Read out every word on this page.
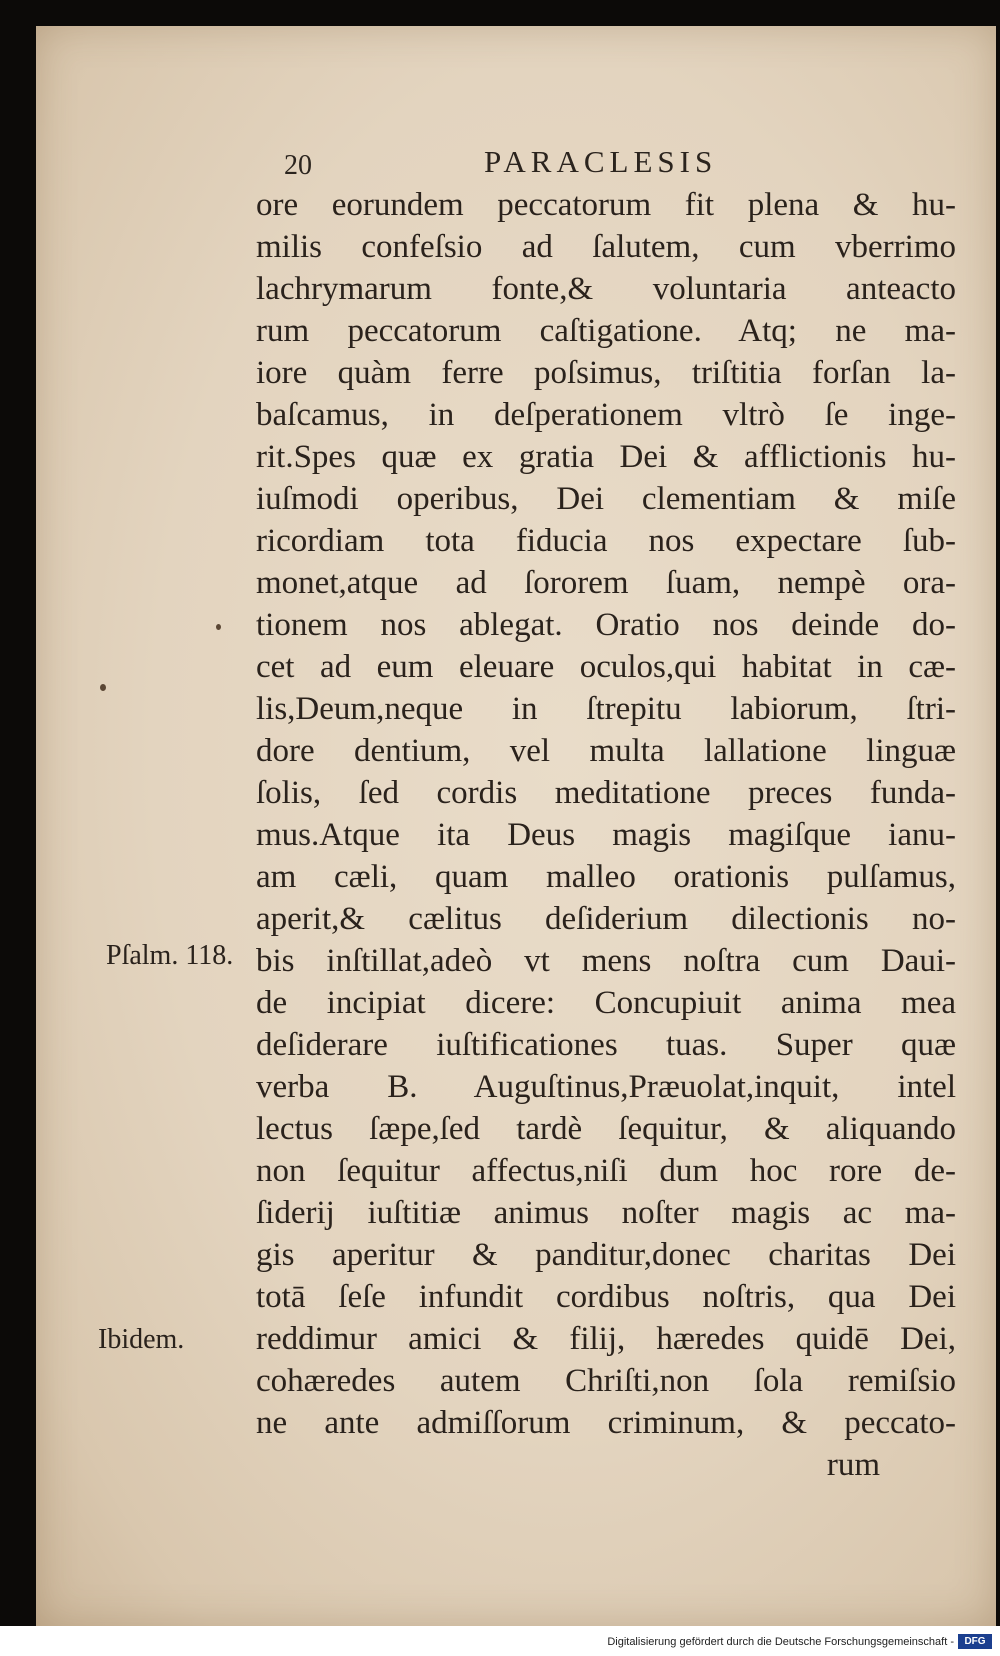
20	PARACLESIS
ore eorundem peccatorum fit plena & hu-
milis confeſsio ad ſalutem, cum vberrimo
lachrymarum fonte,& voluntaria anteacto
rum peccatorum caſtigatione. Atq; ne ma-
iore quàm ferre poſsimus, triſtitia forſan la-
baſcamus, in deſperationem vltrò ſe inge-
rit.Spes quæ ex gratia Dei & afflictionis hu-
iuſmodi operibus, Dei clementiam & miſe
ricordiam tota fiducia nos expectare ſub-
monet,atque ad ſororem ſuam, nempè ora-
tionem nos ablegat. Oratio nos deinde do-
cet ad eum eleuare oculos,qui habitat in cæ-
lis,Deum,neque in ſtrepitu labiorum, ſtri-
dore dentium, vel multa lallatione linguæ
ſolis, ſed cordis meditatione preces funda-
mus.Atque ita Deus magis magiſque ianu-
am cæli, quam malleo orationis pulſamus,
aperit,& cælitus deſiderium dilectionis no-
bis inſtillat,adeò vt mens noſtra cum Daui-
de incipiat dicere: Concupiuit anima mea
deſiderare iuſtificationes tuas. Super quæ
verba B. Auguſtinus,Præuolat,inquit, intel
lectus ſæpe,ſed tardè ſequitur, & aliquando
non ſequitur affectus,niſi dum hoc rore de-
ſiderij iuſtitiæ animus noſter magis ac ma-
gis aperitur & panditur,donec charitas Dei
totā ſeſe infundit cordibus noſtris, qua Dei
reddimur amici & filij, hæredes quidē Dei,
cohæredes autem Chriſti,non ſola remiſsio
ne ante admiſſorum criminum, & peccato-
rum
Pſalm. 118.
Ibidem.
Digitalisierung gefördert durch die Deutsche Forschungsgemeinschaft -	DFG
